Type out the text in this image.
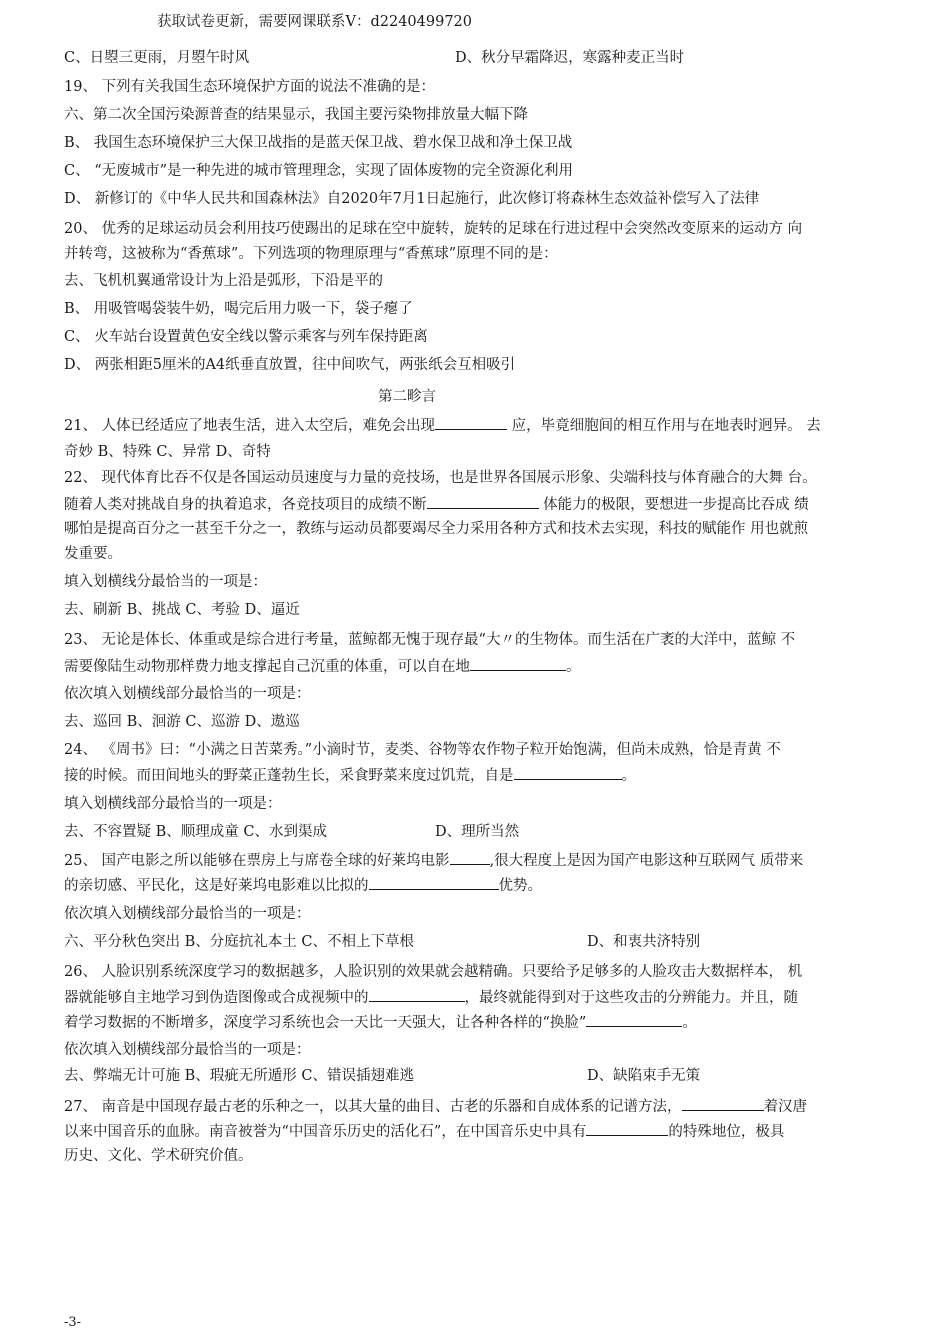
获取试卷更新，需要网课联系V：d2240499720
C、日曌三更雨，月曌午时风	D、秋分早霜降迟，寒露种麦正当时
19、 下列有关我国生态环境保护方面的说法不准确的是：
六、第二次全国污染源普查的结果显示，我国主要污染物排放量大幅下降
B、 我国生态环境保护三大保卫战指的是蓝天保卫战、碧水保卫战和净土保卫战
C、 “无废城市”是一种先进的城市管理理念，实现了固体废物的完全资源化利用
D、 新修订的《中华人民共和国森林法》自2020年7月1日起施行，此次修订将森林生态效益补偿写入了法律
20、 优秀的足球运动员会利用技巧使踢出的足球在空中旋转，旋转的足球在行进过程中会突然改变原来的运动方 向
并转弯，这被称为“香蕉球”。下列选项的物理原理与“香蕉球”原理不同的是：
去、飞机机翼通常设计为上沿是弧形，下沿是平的
B、 用吸管喝袋装牛奶，喝完后用力吸一下，袋子瘪了
C、 火车站台设置黄色安全线以警示乘客与列车保持距离
D、 两张相距5厘米的A4纸垂直放置，往中间吹气，两张纸会互相吸引
第二畛言
21、 人体已经适应了地表生活，进入太空后，难免会出现	应，毕竟细胞间的相互作用与在地表时迥异。 去
奇妙 B、特殊 C、异常 D、奇特
22、 现代体育比吞不仅是各国运动员速度与力量的竞技场，也是世界各国展示形象、尖端科技与体育融合的大舞 台。
随着人类对挑战自身的执着追求，各竞技项目的成绩不断	体能力的极限，要想进一步提高比吞成 绩
哪怕是提高百分之一甚至千分之一，教练与运动员都要竭尽全力采用各种方式和技术去实现，科技的赋能作 用也就煎
发重要。
填入划横线分最恰当的一项是：
去、刷新 B、挑战 C、考验 D、逼近
23、 无论是体长、体重或是综合进行考量，蓝鲸都无愧于现存最“大〃的生物体。而生活在广袤的大洋中，蓝鲸 不
需要像陆生动物那样费力地支撑起自己沉重的体重，可以自在地	。
依次填入划横线部分最恰当的一项是：
去、巡回 B、洄游 C、巡游 D、遨巡
24、 《周书》曰：“小满之日苦菜秀。”小滴时节，麦类、谷物等农作物子粒开始饱满，但尚未成熟，恰是青黄 不
接的时候。而田间地头的野菜正蓬勃生长，采食野菜来度过饥荒，自是	。
填入划横线部分最恰当的一项是：
去、不容置疑 B、顺理成童 C、水到渠成	D、理所当然
25、 国产电影之所以能够在票房上与席卷全球的好莱坞电影	,很大程度上是因为国产电影这种互联网气 质带来
的亲切感、平民化，这是好莱坞电影难以比拟的	优势。
依次填入划横线部分最恰当的一项是：
六、平分秋色突出 B、分庭抗礼本土 C、不相上下草根	D、和衷共济特别
26、 人脸识别系统深度学习的数据越多，人脸识别的效果就会越精确。只要给予足够多的人脸攻击大数据样本， 机
器就能够自主地学习到伪造图像或合成视频中的	，最终就能得到对于这些攻击的分辨能力。并且，随
着学习数据的不断增多，深度学习系统也会一天比一天强大，让各种各样的“换脸”	。
依次填入划横线部分最恰当的一项是：
去、弊端无计可施 B、瑕疵无所遁形 C、错误插翅难逃	D、缺陷束手无策
27、 南音是中国现存最古老的乐种之一，以其大量的曲目、古老的乐器和自成体系的记谱方法，	着汉唐
以来中国音乐的血脉。南音被誉为“中国音乐历史的活化石”，在中国音乐史中具有	的特殊地位，极具
历史、文化、学术研究价值。
-3-
